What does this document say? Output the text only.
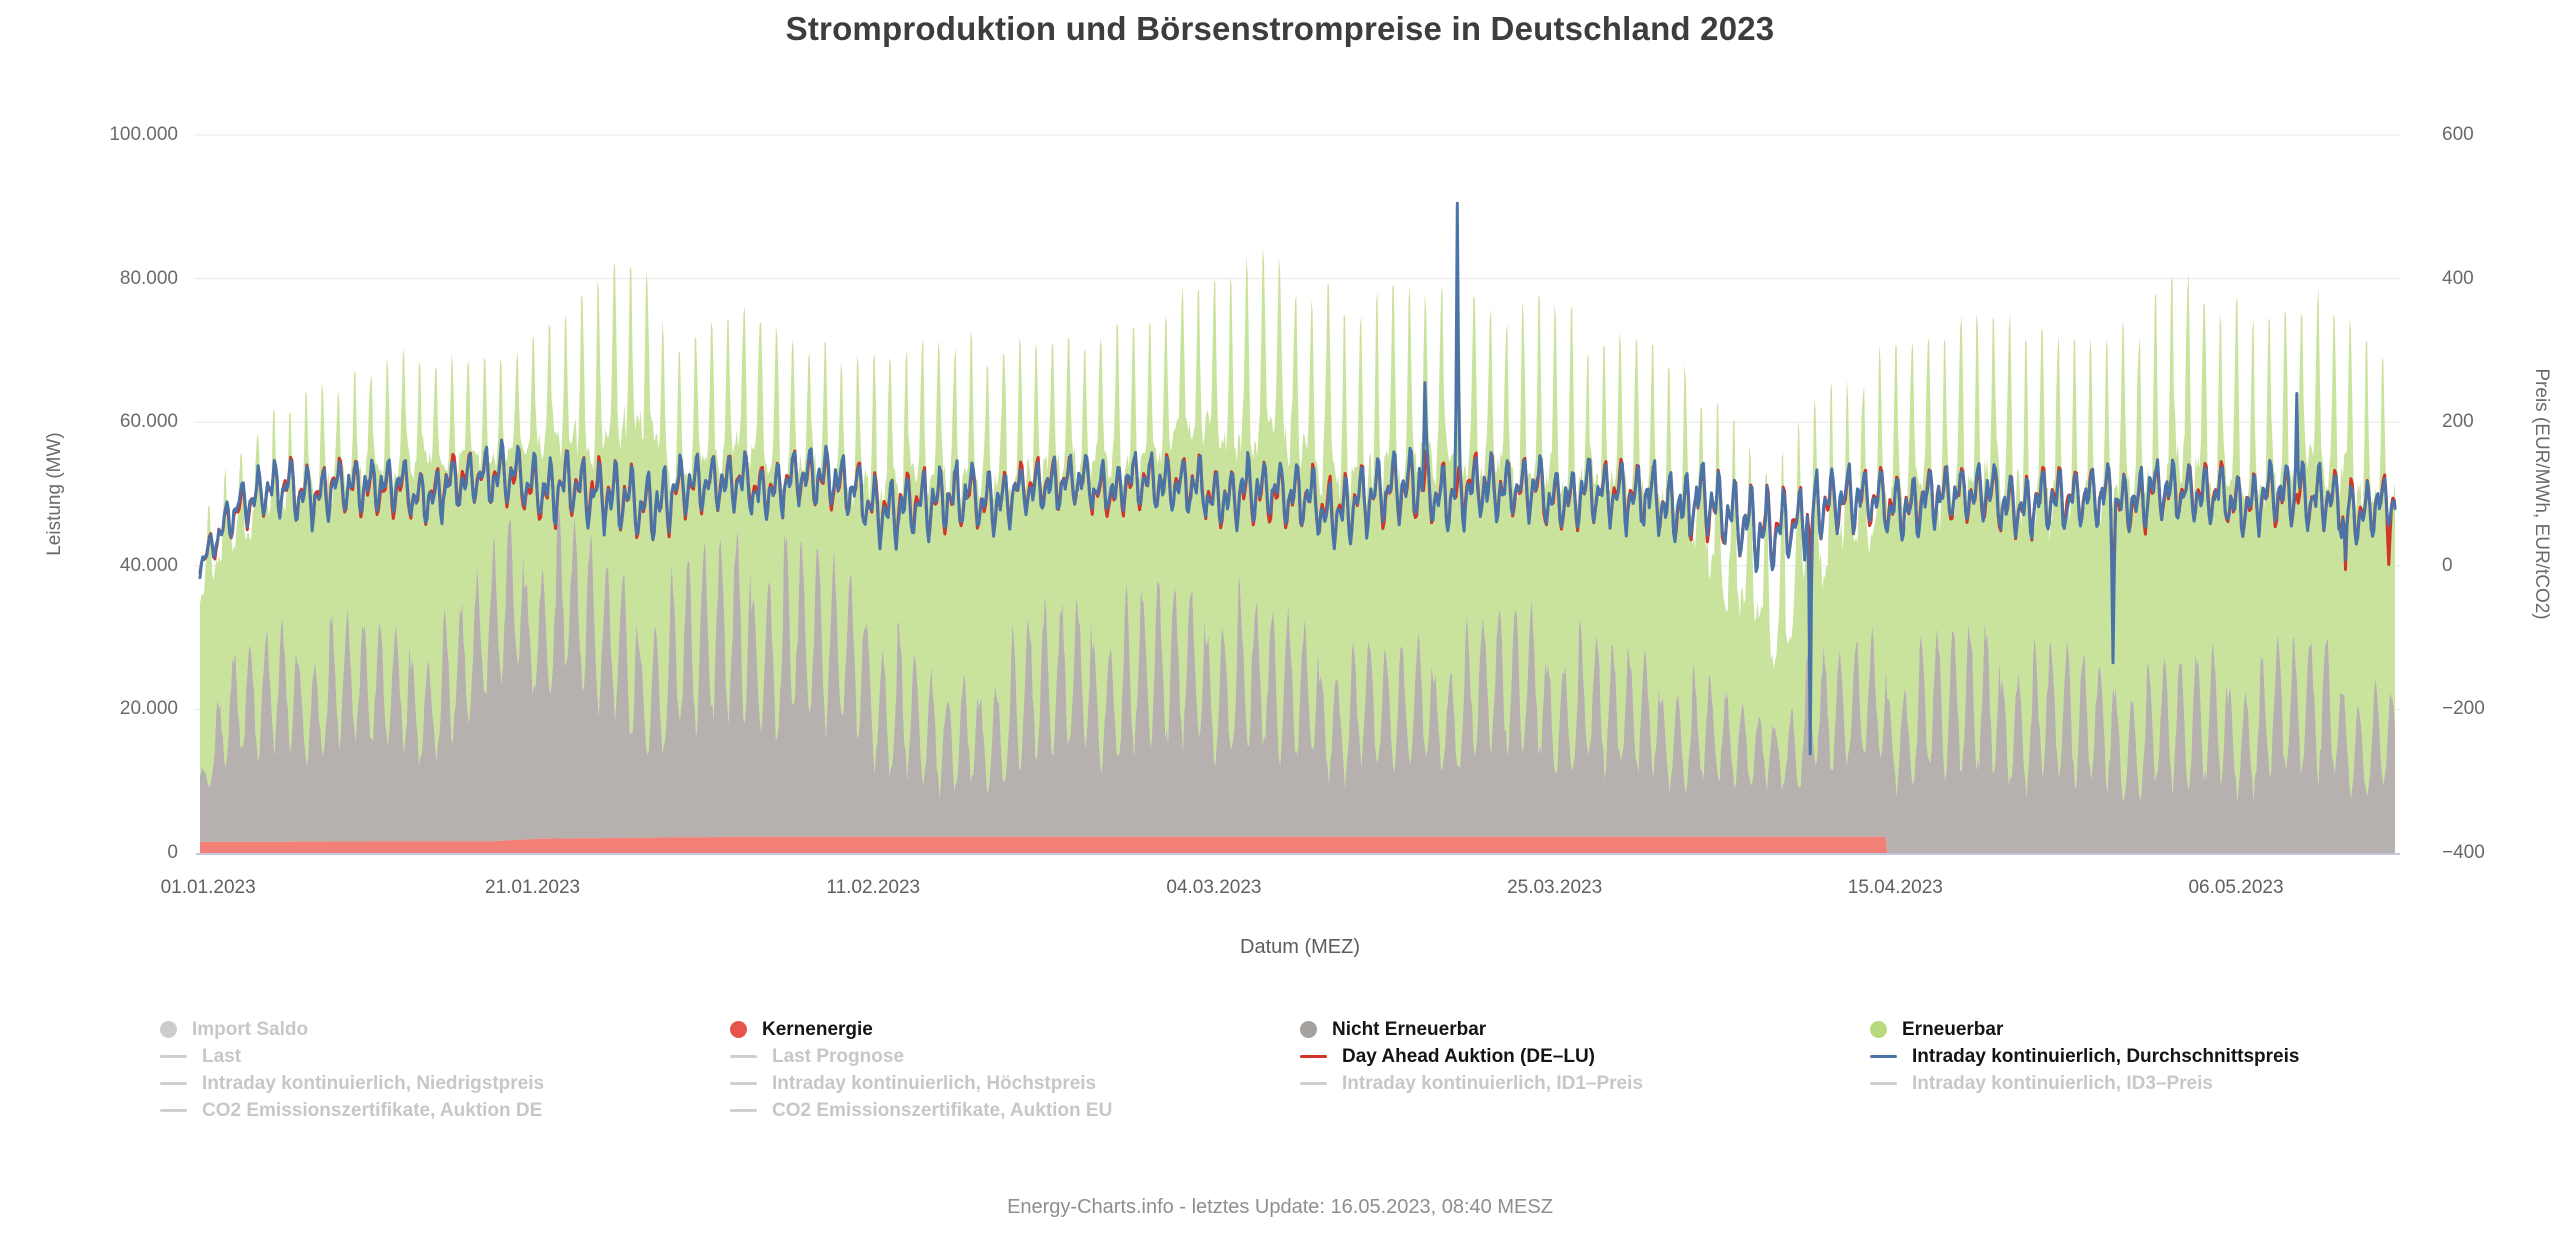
Stromproduktion und Börsenstrompreise in Deutschland 2023
100.000
80.000
60.000
40.000
20.000
0
600
400
200
0
−200
−400
01.01.2023	21.01.2023	11.02.2023	04.03.2023	25.03.2023	15.04.2023	06.05.2023
Leistung (MW)	Preis (EUR/MWh, EUR/tCO2)
Datum (MEZ)
Import Saldo
Last
Intraday kontinuierlich, Niedrigstpreis
CO2 Emissionszertifikate, Auktion DE
Kernenergie
Last Prognose
Intraday kontinuierlich, Höchstpreis
CO2 Emissionszertifikate, Auktion EU
Nicht Erneuerbar
Day Ahead Auktion (DE–LU)
Intraday kontinuierlich, ID1–Preis
Erneuerbar
Intraday kontinuierlich, Durchschnittspreis
Intraday kontinuierlich, ID3–Preis
Energy-Charts.info - letztes Update: 16.05.2023, 08:40 MESZ
